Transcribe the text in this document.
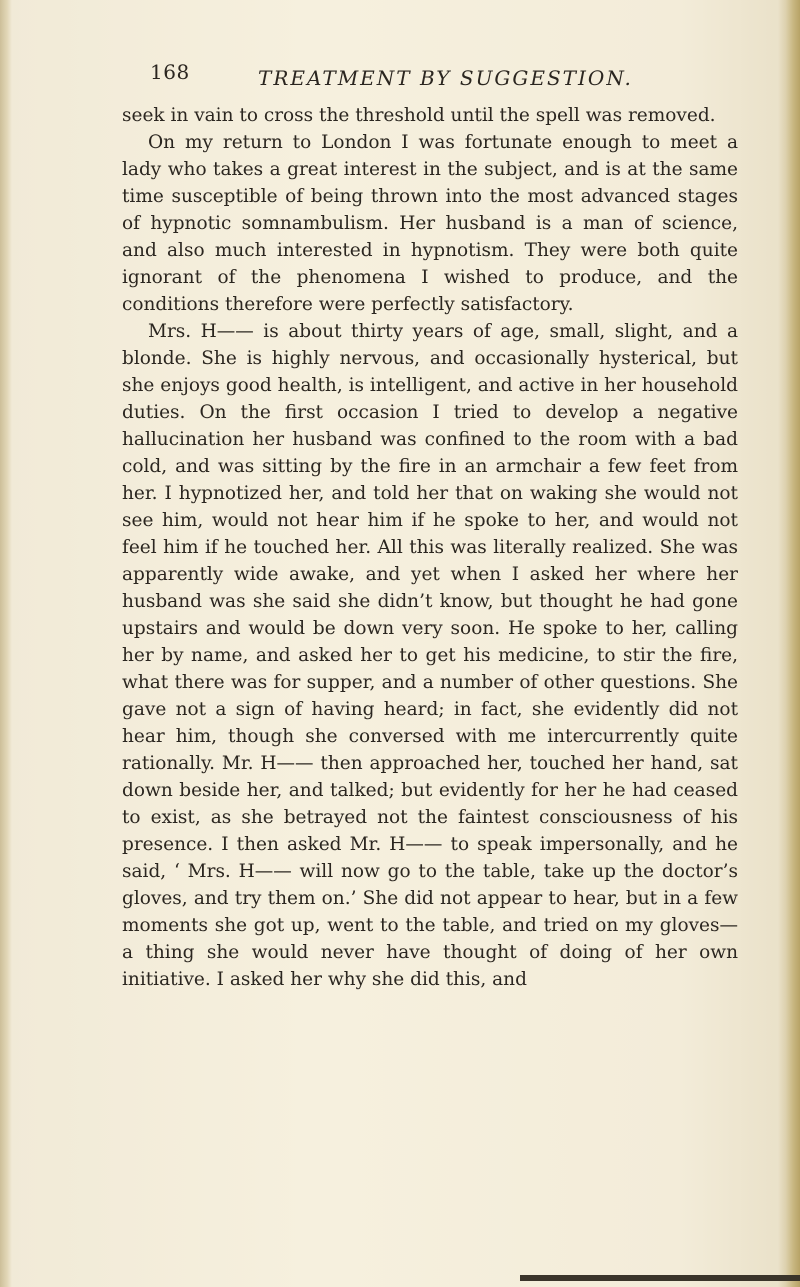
168	TREATMENT BY SUGGESTION.

seek in vain to cross the threshold until the spell was removed.

On my return to London I was fortunate enough to meet a lady who takes a great interest in the subject, and is at the same time susceptible of being thrown into the most advanced stages of hypnotic somnambulism. Her husband is a man of science, and also much interested in hypnotism. They were both quite ignorant of the phenomena I wished to produce, and the conditions therefore were perfectly satisfactory.

Mrs. H—— is about thirty years of age, small, slight, and a blonde. She is highly nervous, and occasionally hysterical, but she enjoys good health, is intelligent, and active in her household duties. On the first occasion I tried to develop a negative hallucination her husband was confined to the room with a bad cold, and was sitting by the fire in an armchair a few feet from her. I hypnotized her, and told her that on waking she would not see him, would not hear him if he spoke to her, and would not feel him if he touched her. All this was literally realized. She was apparently wide awake, and yet when I asked her where her husband was she said she didn’t know, but thought he had gone upstairs and would be down very soon. He spoke to her, calling her by name, and asked her to get his medicine, to stir the fire, what there was for supper, and a number of other questions. She gave not a sign of having heard; in fact, she evidently did not hear him, though she conversed with me intercurrently quite rationally. Mr. H—— then approached her, touched her hand, sat down beside her, and talked; but evidently for her he had ceased to exist, as she betrayed not the faintest consciousness of his presence. I then asked Mr. H—— to speak impersonally, and he said, ‘ Mrs. H—— will now go to the table, take up the doctor’s gloves, and try them on.’ She did not appear to hear, but in a few moments she got up, went to the table, and tried on my gloves—a thing she would never have thought of doing of her own initiative. I asked her why she did this, and
